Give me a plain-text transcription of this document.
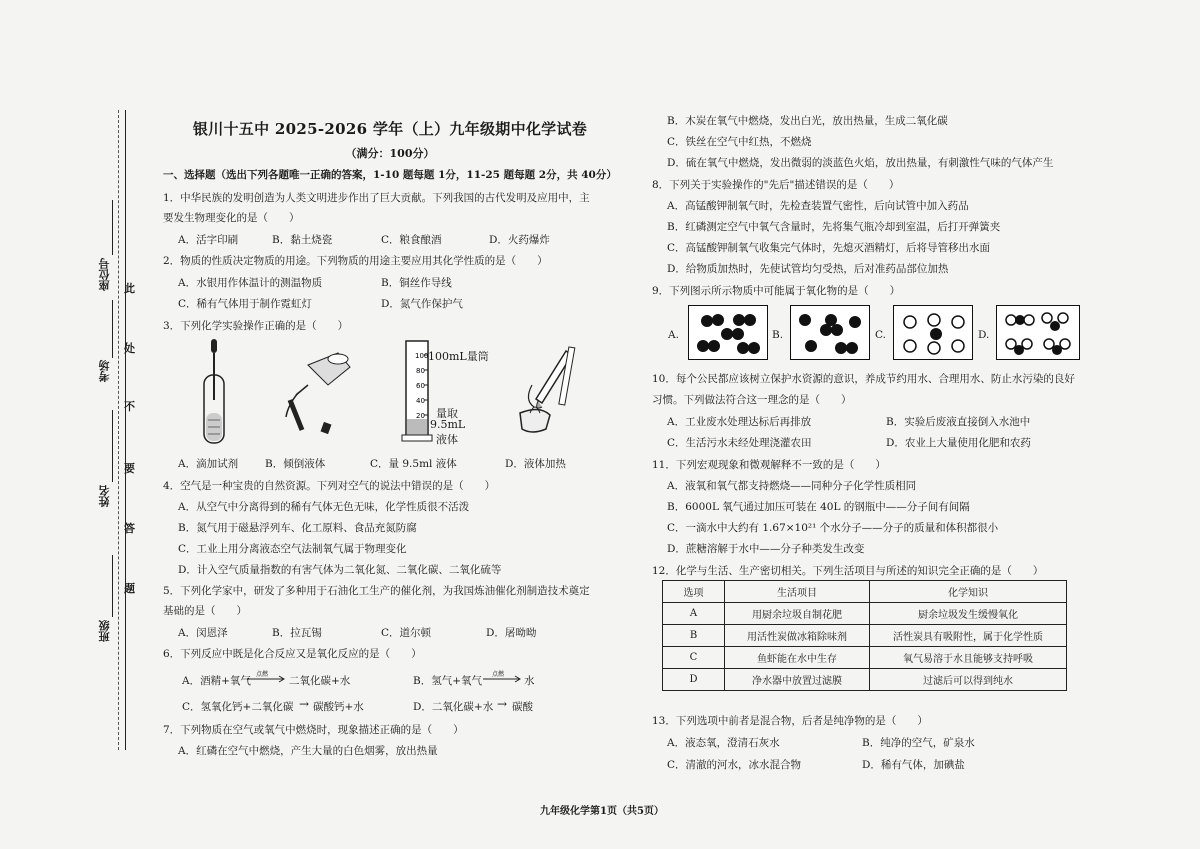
此
处
不
要
答
题
座位号
考场
姓名
班级
银川十五中 2025-2026 学年（上）九年级期中化学试卷
（满分：100分）
一、选择题（选出下列各题唯一正确的答案，1-10 题每题 1分，11-25 题每题 2分，共 40分）
1．中华民族的发明创造为人类文明进步作出了巨大贡献。下列我国的古代发明及应用中，主
要发生物理变化的是（　　）
A．活字印刷	B．黏土烧瓷	C．粮食酿酒	D．火药爆炸
2．物质的性质决定物质的用途。下列物质的用途主要应用其化学性质的是（　　）
A．水银用作体温计的测温物质	B．铜丝作导线
C．稀有气体用于制作霓虹灯	D．氮气作保护气
3．下列化学实验操作正确的是（　　）
100
80
60
40
20
100mL量筒
量取
9.5mL
液体
A．滴加试剂	B．倾倒液体	C．量 9.5ml 液体	D．液体加热
4．空气是一种宝贵的自然资源。下列对空气的说法中错误的是（　　）
A．从空气中分离得到的稀有气体无色无味，化学性质很不活泼
B．氮气用于磁悬浮列车、化工原料、食品充氮防腐
C．工业上用分离液态空气法制氧气属于物理变化
D．计入空气质量指数的有害气体为二氧化氮、二氧化碳、二氧化硫等
5．下列化学家中，研发了多种用于石油化工生产的催化剂，为我国炼油催化剂制造技术奠定
基础的是（　　）
A．闵恩泽	B．拉瓦锡	C．道尔顿	D．屠呦呦
6．下列反应中既是化合反应又是氧化反应的是（　　）
A．酒精+氧气
点燃
二氧化碳+水	B．氢气+氧气
点燃
水
C．氢氧化钙+二氧化碳 → 碳酸钙+水	D．二氧化碳+水 → 碳酸
7．下列物质在空气或氧气中燃烧时，现象描述正确的是（　　）
A．红磷在空气中燃烧，产生大量的白色烟雾，放出热量
B．木炭在氧气中燃烧，发出白光，放出热量，生成二氧化碳
C．铁丝在空气中红热，不燃烧
D．硫在氧气中燃烧，发出微弱的淡蓝色火焰，放出热量，有刺激性气味的气体产生
8．下列关于实验操作的"先后"描述错误的是（　　）
A．高锰酸钾制氧气时，先检查装置气密性，后向试管中加入药品
B．红磷测定空气中氧气含量时，先将集气瓶冷却到室温，后打开弹簧夹
C．高锰酸钾制氧气收集完气体时，先熄灭酒精灯，后将导管移出水面
D．给物质加热时，先使试管均匀受热，后对准药品部位加热
9．下列图示所示物质中可能属于氧化物的是（　　）
A.	B.	C.	D.
10．每个公民都应该树立保护水资源的意识，养成节约用水、合理用水、防止水污染的良好
习惯。下列做法符合这一理念的是（　　）
A．工业废水处理达标后再排放	B．实验后废液直接倒入水池中
C．生活污水未经处理浇灌农田	D．农业上大量使用化肥和农药
11．下列宏观现象和微观解释不一致的是（　　）
A．液氧和氧气都支持燃烧——同种分子化学性质相同
B．6000L 氧气通过加压可装在 40L 的钢瓶中——分子间有间隔
C．一滴水中大约有 1.67×10²¹ 个水分子——分子的质量和体积都很小
D．蔗糖溶解于水中——分子种类发生改变
12．化学与生活、生产密切相关。下列生活项目与所述的知识完全正确的是（　　）
选项	生活项目	化学知识
A	用厨余垃圾自制花肥	厨余垃圾发生缓慢氧化
B	用活性炭做冰箱除味剂	活性炭具有吸附性，属于化学性质
C	鱼虾能在水中生存	氧气易溶于水且能够支持呼吸
D	净水器中放置过滤膜	过滤后可以得到纯水
13．下列选项中前者是混合物，后者是纯净物的是（　　）
A．液态氧，澄清石灰水	B．纯净的空气，矿泉水
C．清澈的河水，冰水混合物	D．稀有气体，加碘盐
九年级化学第1页（共5页）
